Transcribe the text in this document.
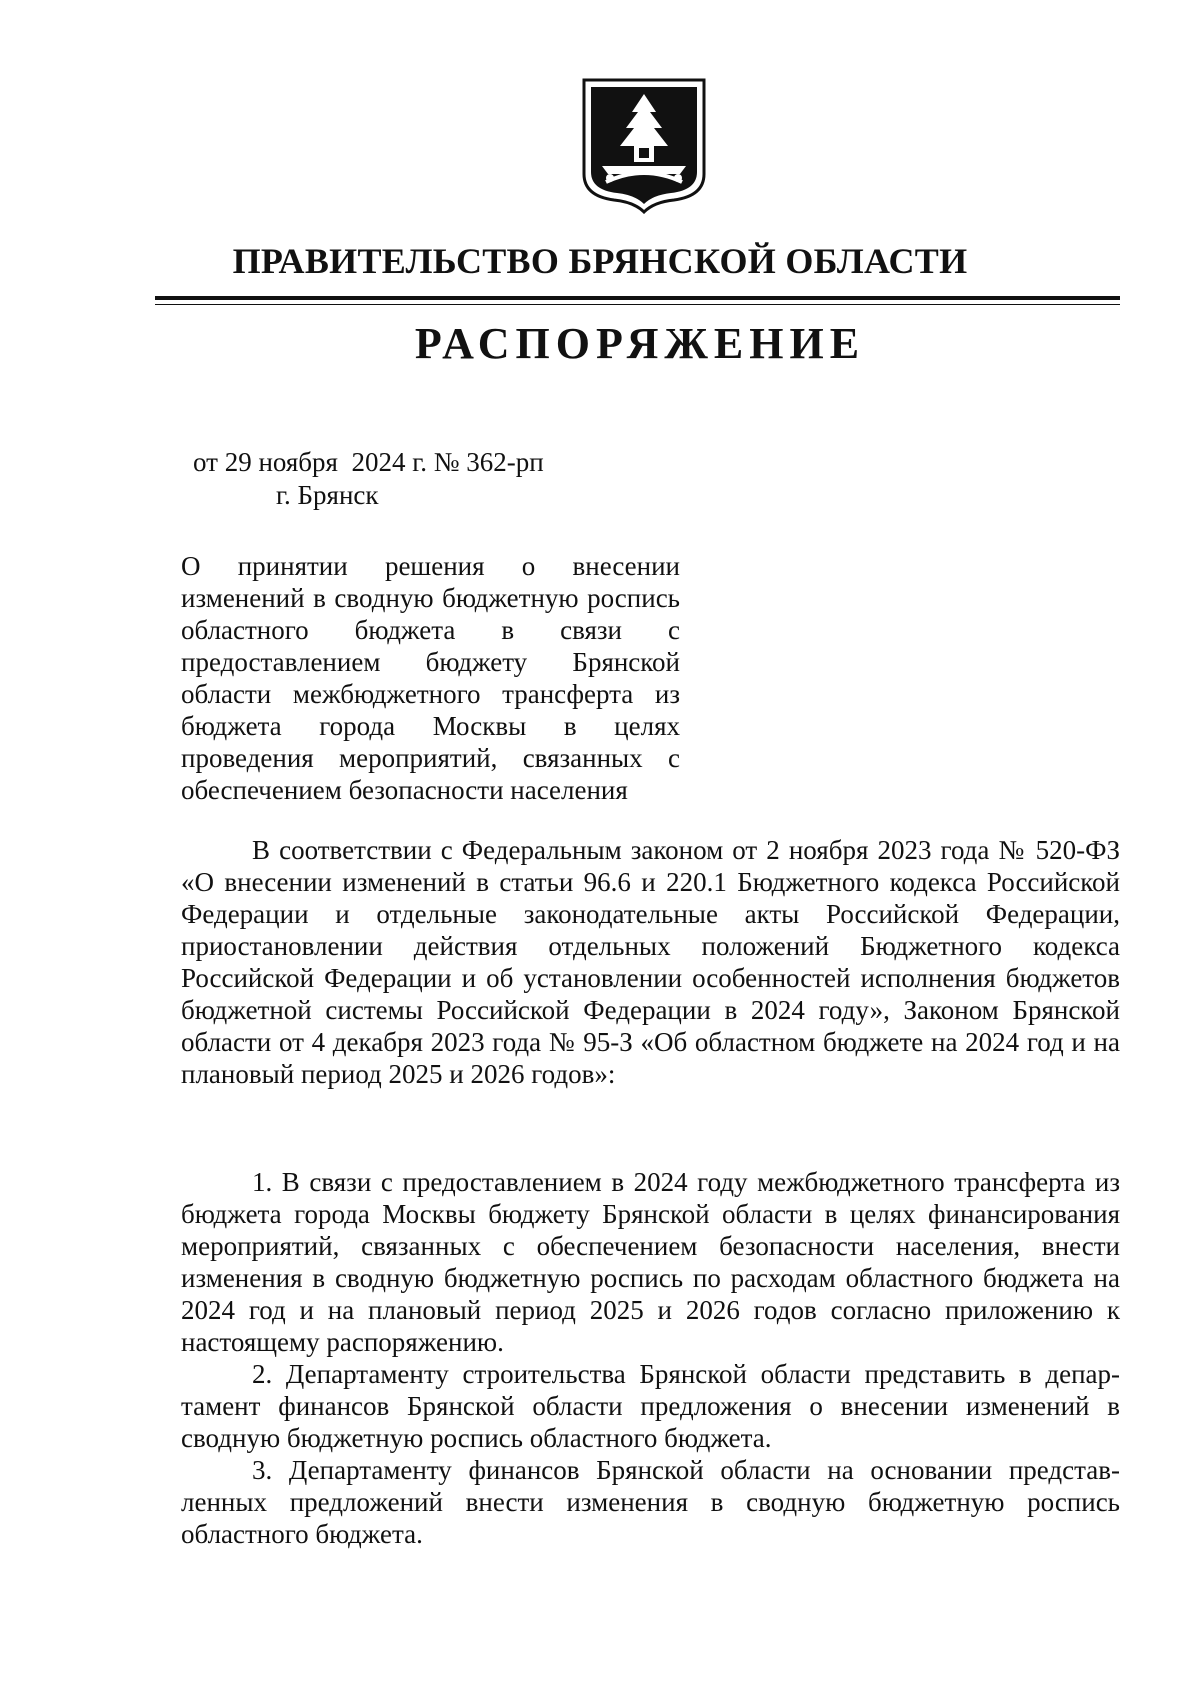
ПРАВИТЕЛЬСТВО БРЯНСКОЙ ОБЛАСТИ
РАСПОРЯЖЕНИЕ
от 29 ноября  2024 г. № 362-рп
г. Брянск
О принятии решения о внесении изменений в сводную бюджетную роспись областного бюджета в связи с предоставлением бюджету Брянской области межбюджетного трансферта из бюджета города Москвы в целях проведения мероприятий, связанных с обеспечением безопасности населения

В соответствии с Федеральным законом от 2 ноября 2023 года № 520-ФЗ «О внесении изменений в статьи 96.6 и 220.1 Бюджетного кодекса Российской Федерации и отдельные законодательные акты Российской Федерации, приостановлении действия отдельных положений Бюджетного кодекса Российской Федерации и об установлении особенностей исполнения бюджетов бюджетной системы Российской Федерации в 2024 году», Законом Брянской области от 4 декабря 2023 года № 95-З «Об областном бюджете на 2024 год и на плановый период 2025 и 2026 годов»:

1. В связи с предоставлением в 2024 году межбюджетного трансферта из бюджета города Москвы бюджету Брянской области в целях финансирования мероприятий, связанных с обеспечением безопасности населения, внести изменения в сводную бюджетную роспись по расходам областного бюджета на 2024 год и на плановый период 2025 и 2026 годов согласно приложению к настоящему распоряжению.

2. Департаменту строительства Брянской области представить в департамент финансов Брянской области предложения о внесении изменений в сводную бюджетную роспись областного бюджета.

3. Департаменту финансов Брянской области на основании представленных предложений внести изменения в сводную бюджетную роспись областного бюджета.
